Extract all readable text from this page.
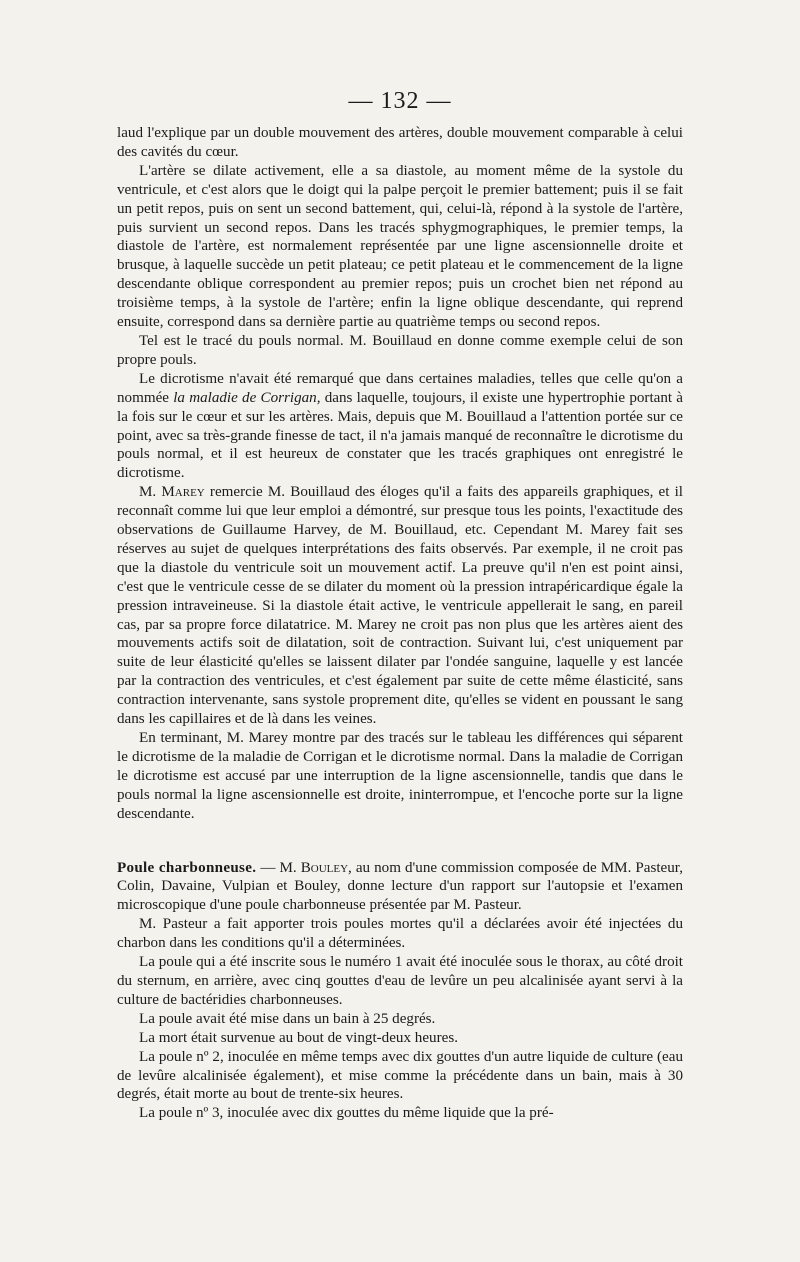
— 132 —

laud l'explique par un double mouvement des artères, double mouvement comparable à celui des cavités du cœur.

L'artère se dilate activement, elle a sa diastole, au moment même de la systole du ventricule, et c'est alors que le doigt qui la palpe perçoit le premier battement; puis il se fait un petit repos, puis on sent un second battement, qui, celui-là, répond à la systole de l'artère, puis survient un second repos. Dans les tracés sphygmographiques, le premier temps, la diastole de l'artère, est normalement représentée par une ligne ascensionnelle droite et brusque, à laquelle succède un petit plateau; ce petit plateau et le commencement de la ligne descendante oblique correspondent au premier repos; puis un crochet bien net répond au troisième temps, à la systole de l'artère; enfin la ligne oblique descendante, qui reprend ensuite, correspond dans sa dernière partie au quatrième temps ou second repos.

Tel est le tracé du pouls normal. M. Bouillaud en donne comme exemple celui de son propre pouls.

Le dicrotisme n'avait été remarqué que dans certaines maladies, telles que celle qu'on a nommée la maladie de Corrigan, dans laquelle, toujours, il existe une hypertrophie portant à la fois sur le cœur et sur les artères. Mais, depuis que M. Bouillaud a l'attention portée sur ce point, avec sa très-grande finesse de tact, il n'a jamais manqué de reconnaître le dicrotisme du pouls normal, et il est heureux de constater que les tracés graphiques ont enregistré le dicrotisme.

M. Marey remercie M. Bouillaud des éloges qu'il a faits des appareils graphiques, et il reconnaît comme lui que leur emploi a démontré, sur presque tous les points, l'exactitude des observations de Guillaume Harvey, de M. Bouillaud, etc. Cependant M. Marey fait ses réserves au sujet de quelques interprétations des faits observés. Par exemple, il ne croit pas que la diastole du ventricule soit un mouvement actif. La preuve qu'il n'en est point ainsi, c'est que le ventricule cesse de se dilater du moment où la pression intrapéricardique égale la pression intraveineuse. Si la diastole était active, le ventricule appellerait le sang, en pareil cas, par sa propre force dilatatrice. M. Marey ne croit pas non plus que les artères aient des mouvements actifs soit de dilatation, soit de contraction. Suivant lui, c'est uniquement par suite de leur élasticité qu'elles se laissent dilater par l'ondée sanguine, laquelle y est lancée par la contraction des ventricules, et c'est également par suite de cette même élasticité, sans contraction intervenante, sans systole proprement dite, qu'elles se vident en poussant le sang dans les capillaires et de là dans les veines.

En terminant, M. Marey montre par des tracés sur le tableau les différences qui séparent le dicrotisme de la maladie de Corrigan et le dicrotisme normal. Dans la maladie de Corrigan le dicrotisme est accusé par une interruption de la ligne ascensionnelle, tandis que dans le pouls normal la ligne ascensionnelle est droite, ininterrompue, et l'encoche porte sur la ligne descendante.

Poule charbonneuse. — M. Bouley, au nom d'une commission composée de MM. Pasteur, Colin, Davaine, Vulpian et Bouley, donne lecture d'un rapport sur l'autopsie et l'examen microscopique d'une poule charbonneuse présentée par M. Pasteur.

M. Pasteur a fait apporter trois poules mortes qu'il a déclarées avoir été injectées du charbon dans les conditions qu'il a déterminées.

La poule qui a été inscrite sous le numéro 1 avait été inoculée sous le thorax, au côté droit du sternum, en arrière, avec cinq gouttes d'eau de levûre un peu alcalinisée ayant servi à la culture de bactéridies charbonneuses.

La poule avait été mise dans un bain à 25 degrés.

La mort était survenue au bout de vingt-deux heures.

La poule nº 2, inoculée en même temps avec dix gouttes d'un autre liquide de culture (eau de levûre alcalinisée également), et mise comme la précédente dans un bain, mais à 30 degrés, était morte au bout de trente-six heures.

La poule nº 3, inoculée avec dix gouttes du même liquide que la pré-
